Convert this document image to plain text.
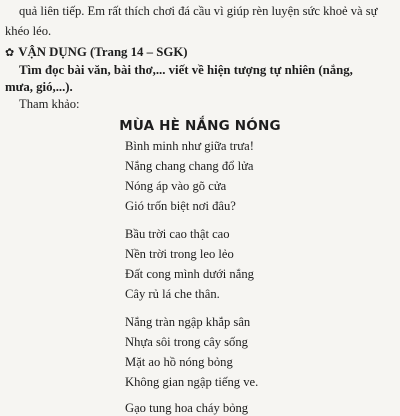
quả liên tiếp. Em rất thích chơi đá cầu vì giúp rèn luyện sức khoẻ và sự
khéo léo.
✿ VẬN DỤNG (Trang 14 – SGK)
Tìm đọc bài văn, bài thơ,... viết về hiện tượng tự nhiên (nắng,
mưa, gió,...).
Tham khảo:
MÙA HÈ NẮNG NÓNG
Bình minh như giữa trưa!
Nắng chang chang đổ lửa
Nóng áp vào gõ cửa
Gió trốn biệt nơi đâu?
Bầu trời cao thật cao
Nền trời trong leo lẻo
Đất cong mình dưới nắng
Cây rủ lá che thân.
Nắng tràn ngập khắp sân
Nhựa sôi trong cây sống
Mặt ao hồ nóng bỏng
Không gian ngập tiếng ve.
Gạo tung hoa cháy bỏng
